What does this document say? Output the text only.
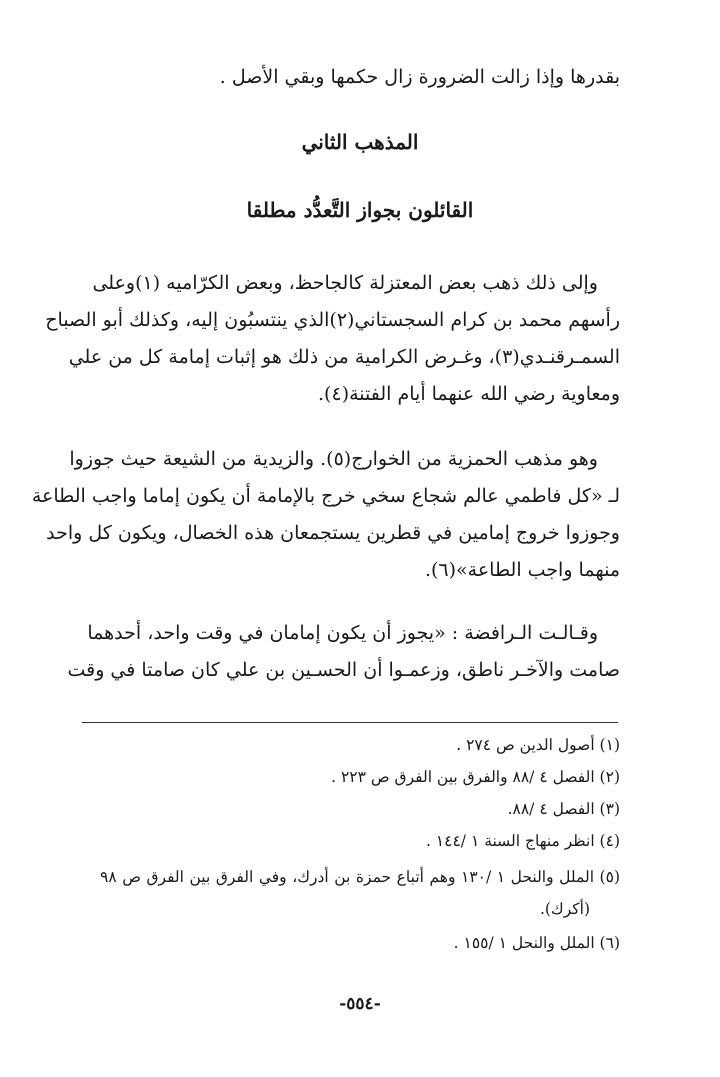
بقدرها وإذا زالت الضرورة زال حكمها وبقي الأصل .
المذهب الثاني
القائلون بجواز التَّعدُّد مطلقا
وإلى ذلك ذهب بعض المعتزلة كالجاحظ، وبعض الكرّاميه (١)وعلى
رأسهم محمد بن كرام السجستاني(٢)الذي ينتسبُون إليه، وكذلك أبو الصباح
السمـرقنـدي(٣)، وغـرض الكرامية من ذلك هو إثبات إمامة كل من علي
ومعاوية رضي الله عنهما أيام الفتنة(٤).
وهو مذهب الحمزية من الخوارج(٥). والزيدية من الشيعة حيث جوزوا
لـ «كل فاطمي عالم شجاع سخي خرج بالإمامة أن يكون إماما واجب الطاعة
وجوزوا خروج إمامين في قطرين يستجمعان هذه الخصال، ويكون كل واحد
منهما واجب الطاعة»(٦).
وقـالـت الـرافضة : «يجوز أن يكون إمامان في وقت واحد، أحدهما
صامت والآخـر ناطق، وزعمـوا أن الحسـين بن علي كان صامتا في وقت
(١) أصول الدين ص ٢٧٤ .
(٢) الفصل ٤ /٨٨ والفرق بين الفرق ص ٢٢٣ .
(٣) الفصل ٤ /٨٨.
(٤) انظر منهاج السنة ١ /١٤٤ .
(٥) الملل والنحل ١ /١٣٠ وهم أتباع حمزة بن أدرك، وفي الفرق بين الفرق ص ٩٨
(أكرك).
(٦) الملل والنحل ١ /١٥٥ .
-٥٥٤-
